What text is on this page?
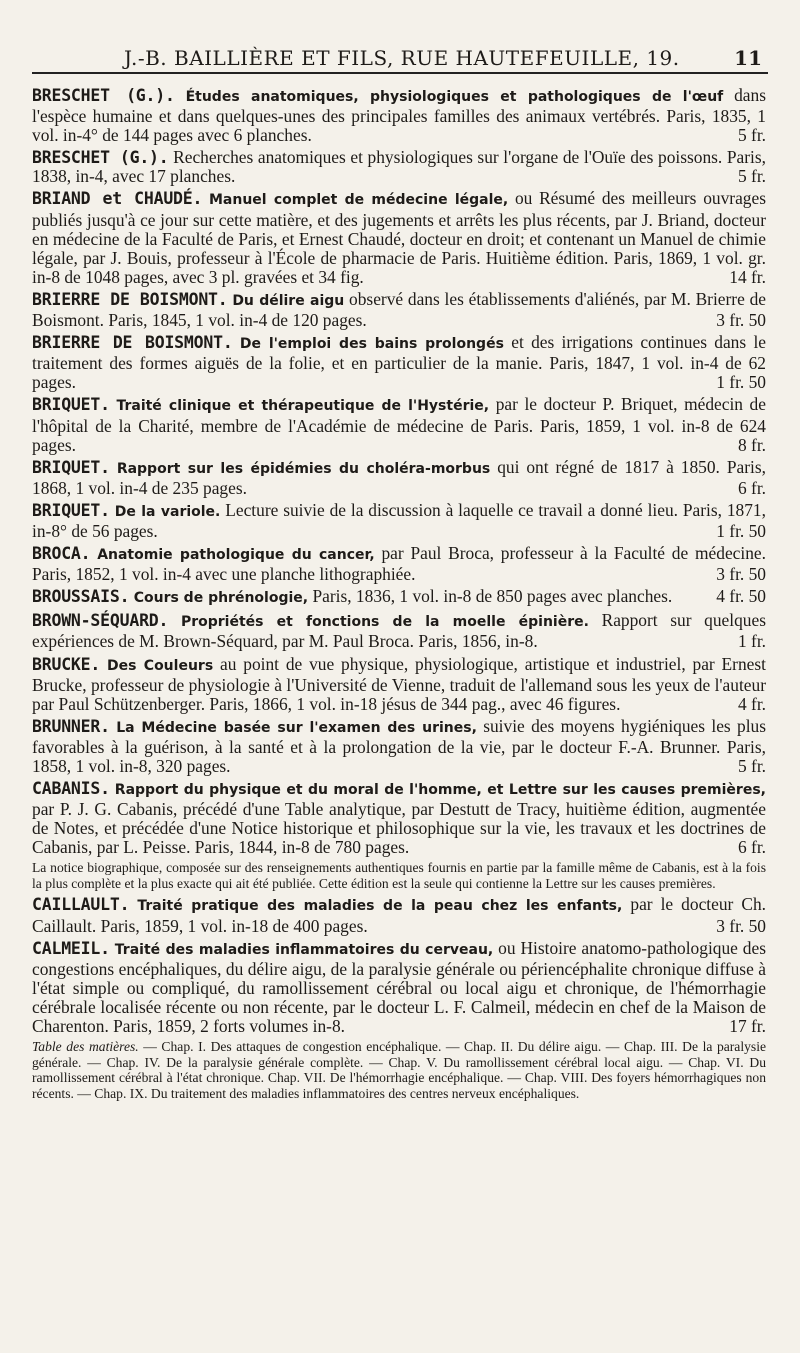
J.-B. BAILLIÈRE ET FILS, RUE HAUTEFEUILLE, 19.	11
BRESCHET (G.). Études anatomiques, physiologiques et pathologiques de l'œuf dans l'espèce humaine et dans quelques-unes des principales familles des animaux vertébrés. Paris, 1835, 1 vol. in-4° de 144 pages avec 6 planches.	5 fr.
BRESCHET (G.). Recherches anatomiques et physiologiques sur l'organe de l'Ouïe des poissons. Paris, 1838, in-4, avec 17 planches.	5 fr.
BRIAND et CHAUDÉ. Manuel complet de médecine légale, ou Résumé des meilleurs ouvrages publiés jusqu'à ce jour sur cette matière, et des jugements et arrêts les plus récents, par J. Briand, docteur en médecine de la Faculté de Paris, et Ernest Chaudé, docteur en droit; et contenant un Manuel de chimie légale, par J. Bouis, professeur à l'École de pharmacie de Paris. Huitième édition. Paris, 1869, 1 vol. gr. in-8 de 1048 pages, avec 3 pl. gravées et 34 fig.	14 fr.
BRIERRE DE BOISMONT. Du délire aigu observé dans les établissements d'aliénés, par M. Brierre de Boismont. Paris, 1845, 1 vol. in-4 de 120 pages.	3 fr. 50
BRIERRE DE BOISMONT. De l'emploi des bains prolongés et des irrigations continues dans le traitement des formes aiguës de la folie, et en particulier de la manie. Paris, 1847, 1 vol. in-4 de 62 pages.	1 fr. 50
BRIQUET. Traité clinique et thérapeutique de l'Hystérie, par le docteur P. Briquet, médecin de l'hôpital de la Charité, membre de l'Académie de médecine de Paris. Paris, 1859, 1 vol. in-8 de 624 pages.	8 fr.
BRIQUET. Rapport sur les épidémies du choléra-morbus qui ont régné de 1817 à 1850. Paris, 1868, 1 vol. in-4 de 235 pages.	6 fr.
BRIQUET. De la variole. Lecture suivie de la discussion à laquelle ce travail a donné lieu. Paris, 1871, in-8° de 56 pages.	1 fr. 50
BROCA. Anatomie pathologique du cancer, par Paul Broca, professeur à la Faculté de médecine. Paris, 1852, 1 vol. in-4 avec une planche lithographiée.	3 fr. 50
BROUSSAIS. Cours de phrénologie, Paris, 1836, 1 vol. in-8 de 850 pages avec planches.	4 fr. 50
BROWN-SÉQUARD. Propriétés et fonctions de la moelle épinière. Rapport sur quelques expériences de M. Brown-Séquard, par M. Paul Broca. Paris, 1856, in-8.	1 fr.
BRUCKE. Des Couleurs au point de vue physique, physiologique, artistique et industriel, par Ernest Brucke, professeur de physiologie à l'Université de Vienne, traduit de l'allemand sous les yeux de l'auteur par Paul Schützenberger. Paris, 1866, 1 vol. in-18 jésus de 344 pag., avec 46 figures.	4 fr.
BRUNNER. La Médecine basée sur l'examen des urines, suivie des moyens hygiéniques les plus favorables à la guérison, à la santé et à la prolongation de la vie, par le docteur F.-A. Brunner. Paris, 1858, 1 vol. in-8, 320 pages.	5 fr.
CABANIS. Rapport du physique et du moral de l'homme, et Lettre sur les causes premières, par P. J. G. Cabanis, précédé d'une Table analytique, par Destutt de Tracy, huitième édition, augmentée de Notes, et précédée d'une Notice historique et philosophique sur la vie, les travaux et les doctrines de Cabanis, par L. Peisse. Paris, 1844, in-8 de 780 pages.	6 fr.
La notice biographique, composée sur des renseignements authentiques fournis en partie par la famille même de Cabanis, est à la fois la plus complète et la plus exacte qui ait été publiée. Cette édition est la seule qui contienne la Lettre sur les causes premières.
CAILLAULT. Traité pratique des maladies de la peau chez les enfants, par le docteur Ch. Caillault. Paris, 1859, 1 vol. in-18 de 400 pages.	3 fr. 50
CALMEIL. Traité des maladies inflammatoires du cerveau, ou Histoire anatomo-pathologique des congestions encéphaliques, du délire aigu, de la paralysie générale ou périencéphalite chronique diffuse à l'état simple ou compliqué, du ramollissement cérébral ou local aigu et chronique, de l'hémorrhagie cérébrale localisée récente ou non récente, par le docteur L. F. Calmeil, médecin en chef de la Maison de Charenton. Paris, 1859, 2 forts volumes in-8.	17 fr.
Table des matières. — Chap. I. Des attaques de congestion encéphalique. — Chap. II. Du délire aigu. — Chap. III. De la paralysie générale. — Chap. IV. De la paralysie générale complète. — Chap. V. Du ramollissement cérébral local aigu. — Chap. VI. Du ramollissement cérébral à l'état chronique. Chap. VII. De l'hémorrhagie encéphalique. — Chap. VIII. Des foyers hémorrhagiques non récents. — Chap. IX. Du traitement des maladies inflammatoires des centres nerveux encéphaliques.
